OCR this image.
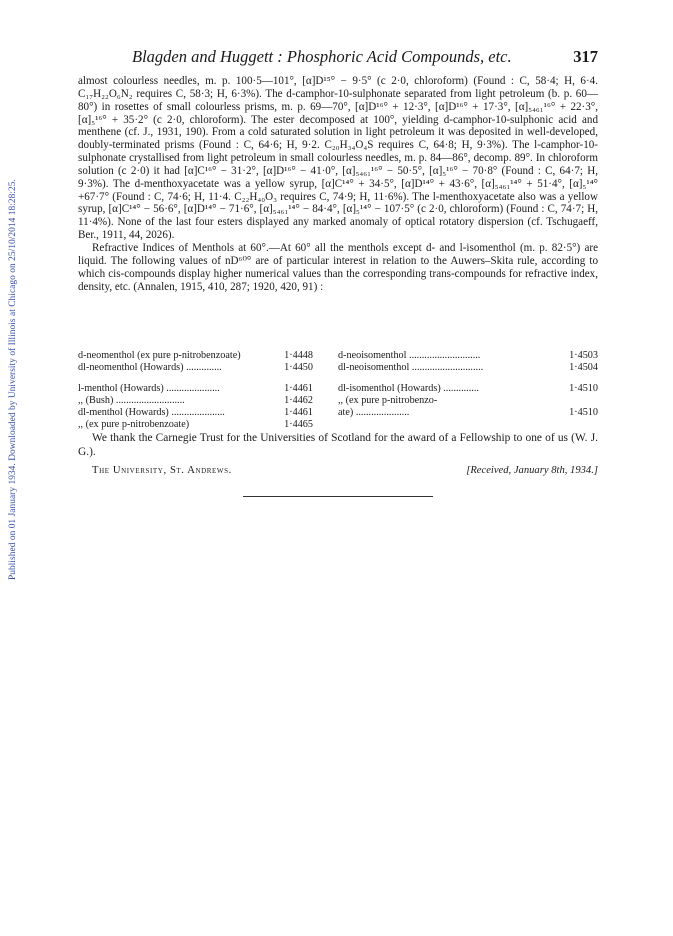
Published on 01 January 1934. Downloaded by University of Illinois at Chicago on 25/10/2014 18:28:25.
Blagden and Huggett : Phosphoric Acid Compounds, etc.	317

almost colourless needles, m. p. 100·5—101°, [α]D¹⁵° − 9·5° (c 2·0, chloroform) (Found : C, 58·4; H, 6·4. C₁₇H₂₂O₆N₂ requires C, 58·3; H, 6·3%). The d-camphor-10-sulphonate separated from light petroleum (b. p. 60—80°) in rosettes of small colourless prisms, m. p. 69—70°, [α]D¹⁶° + 12·3°, [α]D¹⁶° + 17·3°, [α]₅₄₆₁¹⁶° + 22·3°, [α]₅¹⁶° + 35·2° (c 2·0, chloroform). The ester decomposed at 100°, yielding d-camphor-10-sulphonic acid and menthene (cf. J., 1931, 190). From a cold saturated solution in light petroleum it was deposited in well-developed, doubly-terminated prisms (Found : C, 64·6; H, 9·2. C₂₀H₃₄O₄S requires C, 64·8; H, 9·3%). The l-camphor-10-sulphonate crystallised from light petroleum in small colourless needles, m. p. 84—86°, decomp. 89°. In chloroform solution (c 2·0) it had [α]C¹⁶° − 31·2°, [α]D¹⁶° − 41·0°, [α]₅₄₆₁¹⁶° − 50·5°, [α]₅¹⁶° − 70·8° (Found : C, 64·7; H, 9·3%). The d-menthoxyacetate was a yellow syrup, [α]C¹⁴° + 34·5°, [α]D¹⁴° + 43·6°, [α]₅₄₆₁¹⁴° + 51·4°, [α]₅¹⁴° +67·7° (Found : C, 74·6; H, 11·4. C₂₂H₄₀O₃ requires C, 74·9; H, 11·6%). The l-menthoxyacetate also was a yellow syrup, [α]C¹⁴° − 56·6°, [α]D¹⁴° − 71·6°, [α]₅₄₆₁¹⁴° − 84·4°, [α]₅¹⁴° − 107·5° (c 2·0, chloroform) (Found : C, 74·7; H, 11·4%). None of the last four esters displayed any marked anomaly of optical rotatory dispersion (cf. Tschugaeff, Ber., 1911, 44, 2026).

Refractive Indices of Menthols at 60°.—At 60° all the menthols except d- and l-isomenthol (m. p. 82·5°) are liquid. The following values of nD⁶⁰° are of particular interest in relation to the Auwers–Skita rule, according to which cis-compounds display higher numerical values than the corresponding trans-compounds for refractive index, density, etc. (Annalen, 1915, 410, 287; 1920, 420, 91) :

d-neomenthol (ex pure p-nitrobenzoate)	1·4448
dl-neomenthol (Howards) ..............	1·4450
l-menthol (Howards) .....................	1·4461
,, (Bush) ...........................	1·4462
dl-menthol (Howards) .....................	1·4461
,, (ex pure p-nitrobenzoate)	1·4465
d-neoisomenthol ............................	1·4503
dl-neoisomenthol ............................	1·4504
dl-isomenthol (Howards) ..............	1·4510
,, (ex pure p-nitrobenzo-
ate) .....................	1·4510

We thank the Carnegie Trust for the Universities of Scotland for the award of a Fellowship to one of us (W. J. G.).

The University, St. Andrews.	[Received, January 8th, 1934.]
